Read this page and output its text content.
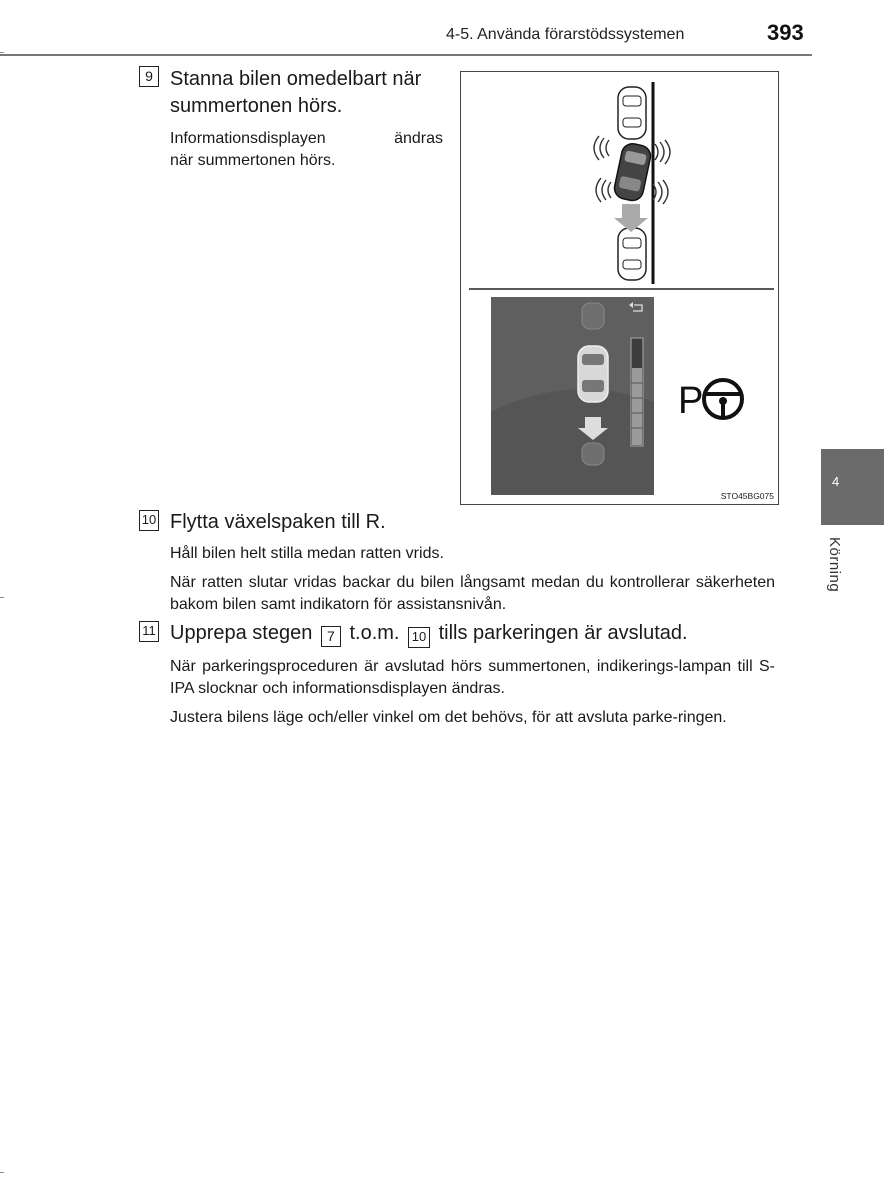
4-5. Använda förarstödssystemen	393
4
Körning
9 Stanna bilen omedelbart när
summertonen hörs.
Informationsdisplayen	ändras
när summertonen hörs.
P
STO45BG075
10 Flytta växelspaken till R.
Håll bilen helt stilla medan ratten vrids.
När ratten slutar vridas backar du bilen långsamt medan du kontrollerar säkerheten bakom bilen samt indikatorn för assistansnivån.
11 Upprepa stegen 7 t.o.m. 10 tills parkeringen är avslutad.
När parkeringsproceduren är avslutad hörs summertonen, indikerings-lampan till S-IPA slocknar och informationsdisplayen ändras.
Justera bilens läge och/eller vinkel om det behövs, för att avsluta parke-ringen.
